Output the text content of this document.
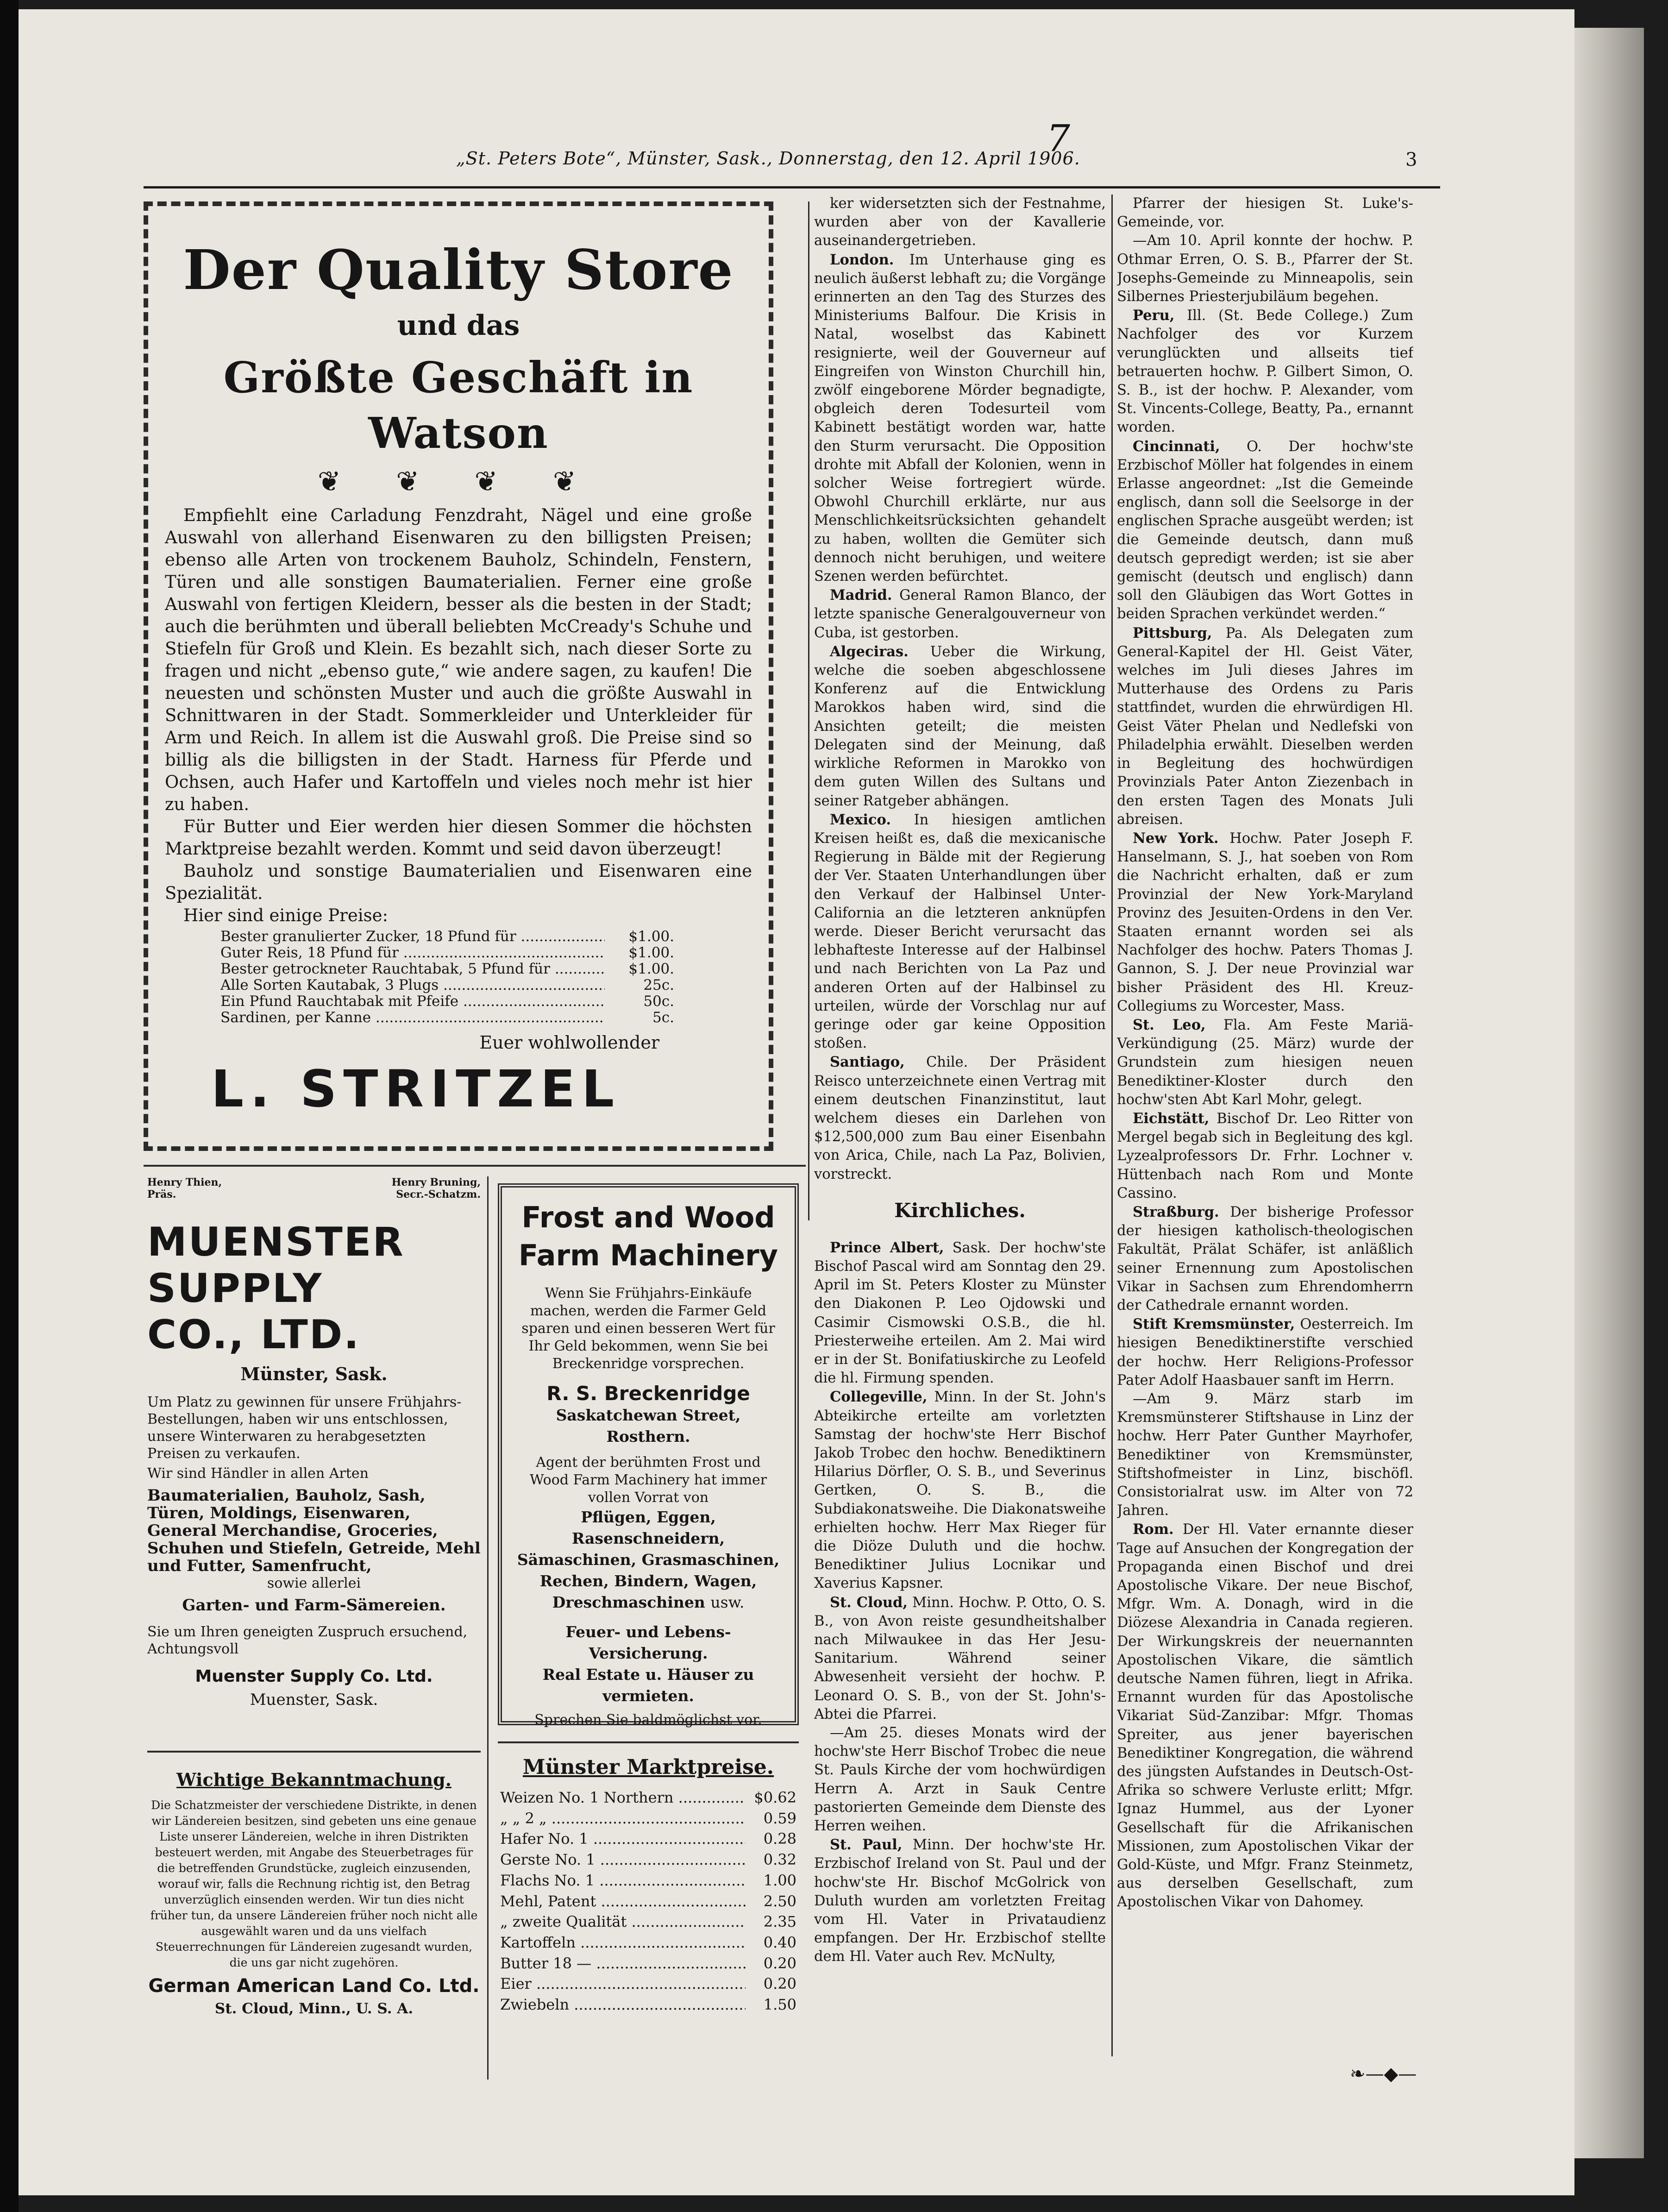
7
„St. Peters Bote“, Münster, Sask., Donnerstag, den 12. April 1906.	3
Der Quality Store
und das
Größte Geschäft in Watson
❦ ❦ ❦ ❦

Empfiehlt eine Carladung Fenzdraht, Nägel und eine große Auswahl von allerhand Eisenwaren zu den billigsten Preisen; ebenso alle Arten von trockenem Bauholz, Schindeln, Fenstern, Türen und alle sonstigen Baumaterialien. Ferner eine große Auswahl von fertigen Kleidern, besser als die besten in der Stadt; auch die berühmten und überall beliebten McCready's Schuhe und Stiefeln für Groß und Klein. Es bezahlt sich, nach dieser Sorte zu fragen und nicht „ebenso gute,“ wie andere sagen, zu kaufen! Die neuesten und schönsten Muster und auch die größte Auswahl in Schnittwaren in der Stadt. Sommerkleider und Unterkleider für Arm und Reich. In allem ist die Auswahl groß. Die Preise sind so billig als die billigsten in der Stadt. Harness für Pferde und Ochsen, auch Hafer und Kartoffeln und vieles noch mehr ist hier zu haben.

Für Butter und Eier werden hier diesen Sommer die höchsten Marktpreise bezahlt werden. Kommt und seid davon überzeugt!

Bauholz und sonstige Baumaterialien und Eisenwaren eine Spezialität.

Hier sind einige Preise:

Bester granulierter Zucker, 18 Pfund für .....	$1.00.
Guter Reis, 18 Pfund für .....	$1.00.
Bester getrockneter Rauchtabak, 5 Pfund für .....	$1.00.
Alle Sorten Kautabak, 3 Plugs .....	25c.
Ein Pfund Rauchtabak mit Pfeife .....	50c.
Sardinen, per Kanne .....	5c.
Euer wohlwollender
L. STRITZEL
Henry Thien,
Präs.
Henry Bruning,
Secr.-Schatzm.
MUENSTER
SUPPLY
CO., LTD.
Münster, Sask.
Um Platz zu gewinnen für unsere Frühjahrs-Bestellungen, haben wir uns entschlossen, unsere Winterwaren zu herabgesetzten Preisen zu verkaufen.
Wir sind Händler in allen Arten
Baumaterialien, Bauholz, Sash, Türen, Moldings, Eisenwaren, General Merchandise, Groceries, Schuhen und Stiefeln, Getreide, Mehl und Futter, Samenfrucht,
sowie allerlei
Garten- und Farm-Sämereien.
Sie um Ihren geneigten Zuspruch ersuchend, Achtungsvoll
Muenster Supply Co. Ltd.
Muenster, Sask.
Frost and Wood Farm Machinery
Wenn Sie Frühjahrs-Einkäufe machen, werden die Farmer Geld sparen und einen besseren Wert für Ihr Geld bekommen, wenn Sie bei Breckenridge vorsprechen.
R. S. Breckenridge
Saskatchewan Street, Rosthern.
Agent der berühmten Frost und Wood Farm Machinery hat immer vollen Vorrat von
Pflügen, Eggen, Rasenschneidern, Sämaschinen, Grasmaschinen, Rechen, Bindern, Wagen, Dreschmaschinen usw.
Feuer- und Lebens-Versicherung.
Real Estate u. Häuser zu vermieten.
Sprechen Sie baldmöglichst vor.
Wichtige Bekanntmachung.
Die Schatzmeister der verschiedene Distrikte, in denen wir Ländereien besitzen, sind gebeten uns eine genaue Liste unserer Ländereien, welche in ihren Distrikten besteuert werden, mit Angabe des Steuerbetrages für die betreffenden Grundstücke, zugleich einzusenden, worauf wir, falls die Rechnung richtig ist, den Betrag unverzüglich einsenden werden. Wir tun dies nicht früher tun, da unsere Ländereien früher noch nicht alle ausgewählt waren und da uns vielfach Steuerrechnungen für Ländereien zugesandt wurden, die uns gar nicht zugehören.
German American Land Co. Ltd.
St. Cloud, Minn., U. S. A.
Münster Marktpreise.
Weizen No. 1 Northern .....	$0.62
„ „ 2 „ .....	0.59
Hafer No. 1 .....	0.28
Gerste No. 1 .....	0.32
Flachs No. 1 .....	1.00
Mehl, Patent .....	2.50
„ zweite Qualität .....	2.35
Kartoffeln .....	0.40
Butter 18 — .....	0.20
Eier .....	0.20
Zwiebeln .....	1.50

ker widersetzten sich der Festnahme, wurden aber von der Kavallerie auseinandergetrieben.

London. Im Unterhause ging es neulich äußerst lebhaft zu; die Vorgänge erinnerten an den Tag des Sturzes des Ministeriums Balfour. Die Krisis in Natal, woselbst das Kabinett resignierte, weil der Gouverneur auf Eingreifen von Winston Churchill hin, zwölf eingeborene Mörder begnadigte, obgleich deren Todesurteil vom Kabinett bestätigt worden war, hatte den Sturm verursacht. Die Opposition drohte mit Abfall der Kolonien, wenn in solcher Weise fortregiert würde. Obwohl Churchill erklärte, nur aus Menschlichkeitsrücksichten gehandelt zu haben, wollten die Gemüter sich dennoch nicht beruhigen, und weitere Szenen werden befürchtet.

Madrid. General Ramon Blanco, der letzte spanische Generalgouverneur von Cuba, ist gestorben.

Algeciras. Ueber die Wirkung, welche die soeben abgeschlossene Konferenz auf die Entwicklung Marokkos haben wird, sind die Ansichten geteilt; die meisten Delegaten sind der Meinung, daß wirkliche Reformen in Marokko von dem guten Willen des Sultans und seiner Ratgeber abhängen.

Mexico. In hiesigen amtlichen Kreisen heißt es, daß die mexicanische Regierung in Bälde mit der Regierung der Ver. Staaten Unterhandlungen über den Verkauf der Halbinsel Unter-California an die letzteren anknüpfen werde. Dieser Bericht verursacht das lebhafteste Interesse auf der Halbinsel und nach Berichten von La Paz und anderen Orten auf der Halbinsel zu urteilen, würde der Vorschlag nur auf geringe oder gar keine Opposition stoßen.

Santiago, Chile. Der Präsident Reisco unterzeichnete einen Vertrag mit einem deutschen Finanzinstitut, laut welchem dieses ein Darlehen von $12,500,000 zum Bau einer Eisenbahn von Arica, Chile, nach La Paz, Bolivien, vorstreckt.

Kirchliches.

Prince Albert, Sask. Der hochw'ste Bischof Pascal wird am Sonntag den 29. April im St. Peters Kloster zu Münster den Diakonen P. Leo Ojdowski und Casimir Cismowski O.S.B., die hl. Priesterweihe erteilen. Am 2. Mai wird er in der St. Bonifatiuskirche zu Leofeld die hl. Firmung spenden.

Collegeville, Minn. In der St. John's Abteikirche erteilte am vorletzten Samstag der hochw'ste Herr Bischof Jakob Trobec den hochw. Benediktinern Hilarius Dörfler, O. S. B., und Severinus Gertken, O. S. B., die Subdiakonatsweihe. Die Diakonatsweihe erhielten hochw. Herr Max Rieger für die Diöze Duluth und die hochw. Benediktiner Julius Locnikar und Xaverius Kapsner.

St. Cloud, Minn. Hochw. P. Otto, O. S. B., von Avon reiste gesundheitshalber nach Milwaukee in das Her Jesu-Sanitarium. Während seiner Abwesenheit versieht der hochw. P. Leonard O. S. B., von der St. John's-Abtei die Pfarrei.

—Am 25. dieses Monats wird der hochw'ste Herr Bischof Trobec die neue St. Pauls Kirche der vom hochwürdigen Herrn A. Arzt in Sauk Centre pastorierten Gemeinde dem Dienste des Herren weihen.

St. Paul, Minn. Der hochw'ste Hr. Erzbischof Ireland von St. Paul und der hochw'ste Hr. Bischof McGolrick von Duluth wurden am vorletzten Freitag vom Hl. Vater in Privataudienz empfangen. Der Hr. Erzbischof stellte dem Hl. Vater auch Rev. McNulty,

Pfarrer der hiesigen St. Luke's-Gemeinde, vor.

—Am 10. April konnte der hochw. P. Othmar Erren, O. S. B., Pfarrer der St. Josephs-Gemeinde zu Minneapolis, sein Silbernes Priesterjubiläum begehen.

Peru, Ill. (St. Bede College.) Zum Nachfolger des vor Kurzem verunglückten und allseits tief betrauerten hochw. P. Gilbert Simon, O. S. B., ist der hochw. P. Alexander, vom St. Vincents-College, Beatty, Pa., ernannt worden.

Cincinnati, O. Der hochw'ste Erzbischof Möller hat folgendes in einem Erlasse angeordnet: „Ist die Gemeinde englisch, dann soll die Seelsorge in der englischen Sprache ausgeübt werden; ist die Gemeinde deutsch, dann muß deutsch gepredigt werden; ist sie aber gemischt (deutsch und englisch) dann soll den Gläubigen das Wort Gottes in beiden Sprachen verkündet werden.“

Pittsburg, Pa. Als Delegaten zum General-Kapitel der Hl. Geist Väter, welches im Juli dieses Jahres im Mutterhause des Ordens zu Paris stattfindet, wurden die ehrwürdigen Hl. Geist Väter Phelan und Nedlefski von Philadelphia erwählt. Dieselben werden in Begleitung des hochwürdigen Provinzials Pater Anton Ziezenbach in den ersten Tagen des Monats Juli abreisen.

New York. Hochw. Pater Joseph F. Hanselmann, S. J., hat soeben von Rom die Nachricht erhalten, daß er zum Provinzial der New York-Maryland Provinz des Jesuiten-Ordens in den Ver. Staaten ernannt worden sei als Nachfolger des hochw. Paters Thomas J. Gannon, S. J. Der neue Provinzial war bisher Präsident des Hl. Kreuz-Collegiums zu Worcester, Mass.

St. Leo, Fla. Am Feste Mariä-Verkündigung (25. März) wurde der Grundstein zum hiesigen neuen Benediktiner-Kloster durch den hochw'sten Abt Karl Mohr, gelegt.

Eichstätt, Bischof Dr. Leo Ritter von Mergel begab sich in Begleitung des kgl. Lyzealprofessors Dr. Frhr. Lochner v. Hüttenbach nach Rom und Monte Cassino.

Straßburg. Der bisherige Professor der hiesigen katholisch-theologischen Fakultät, Prälat Schäfer, ist anläßlich seiner Ernennung zum Apostolischen Vikar in Sachsen zum Ehrendomherrn der Cathedrale ernannt worden.

Stift Kremsmünster, Oesterreich. Im hiesigen Benediktinerstifte verschied der hochw. Herr Religions-Professor Pater Adolf Haasbauer sanft im Herrn.

—Am 9. März starb im Kremsmünsterer Stiftshause in Linz der hochw. Herr Pater Gunther Mayrhofer, Benediktiner von Kremsmünster, Stiftshofmeister in Linz, bischöfl. Consistorialrat usw. im Alter von 72 Jahren.

Rom. Der Hl. Vater ernannte dieser Tage auf Ansuchen der Kongregation der Propaganda einen Bischof und drei Apostolische Vikare. Der neue Bischof, Mfgr. Wm. A. Donagh, wird in die Diözese Alexandria in Canada regieren. Der Wirkungskreis der neuernannten Apostolischen Vikare, die sämtlich deutsche Namen führen, liegt in Afrika. Ernannt wurden für das Apostolische Vikariat Süd-Zanzibar: Mfgr. Thomas Spreiter, aus jener bayerischen Benediktiner Kongregation, die während des jüngsten Aufstandes in Deutsch-Ost-Afrika so schwere Verluste erlitt; Mfgr. Ignaz Hummel, aus der Lyoner Gesellschaft für die Afrikanischen Missionen, zum Apostolischen Vikar der Gold-Küste, und Mfgr. Franz Steinmetz, aus derselben Gesellschaft, zum Apostolischen Vikar von Dahomey.

❧—◆—
